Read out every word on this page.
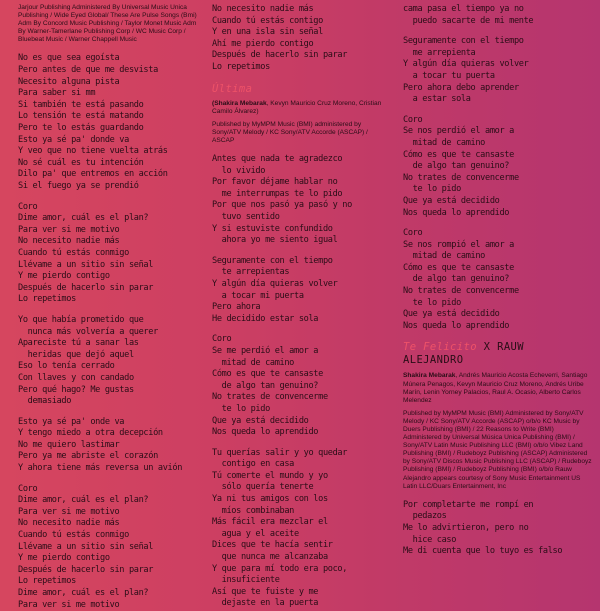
Jarjour Publishing Administered By Universal Music Unica Publishing / Wide Eyed Global/ These Are Pulse Songs (Bmi) Adm By Concord Music Publishing / Taylor Monet Music Adm By Warner-Tamerlane Publishing Corp / WC Music Corp / Bluebeat Music / Warner Chappell Music

No es que sea egoísta

Pero antes de que me desvista

Necesito alguna pista

Para saber si mm

Si también te está pasando

Lo tensión te está matando

Pero te lo estás guardando

Esto ya sé pa' donde va

Y veo que no tiene vuelta atrás

No sé cuál es tu intención

Dilo pa' que entremos en acción

Si el fuego ya se prendió

Coro

Dime amor, cuál es el plan?

Para ver si me motivo

No necesito nadie más

Cuando tú estás conmigo

Llévame a un sitio sin señal

Y me pierdo contigo

Después de hacerlo sin parar

Lo repetimos

Yo que había prometido que

nunca más volvería a querer

Apareciste tú a sanar las

heridas que dejó aquel

Eso lo tenía cerrado

Con llaves y con candado

Pero qué hago? Me gustas

demasiado

Esto ya sé pa' onde va

Y tengo miedo a otra decepción

No me quiero lastimar

Pero ya me abriste el corazón

Y ahora tiene más reversa un avión

Coro

Dime amor, cuál es el plan?

Para ver si me motivo

No necesito nadie más

Cuando tú estás conmigo

Llévame a un sitio sin señal

Y me pierdo contigo

Después de hacerlo sin parar

Lo repetimos

Dime amor, cuál es el plan?

Para ver si me motivo

No necesito nadie más

Cuando tú estás contigo

Y en una isla sin señal

Ahí me pierdo contigo

Después de hacerlo sin parar

Lo repetimos

Última

(Shakira Mebarak, Kevyn Mauricio Cruz Moreno, Cristian Camilo Álvarez)

Published by MyMPM Music (BMI) administered by Sony/ATV Melody / KC Sony/ATV Accorde (ASCAP) / ASCAP

Antes que nada te agradezco

lo vivido

Por favor déjame hablar no

me interrumpas te lo pido

Por que nos pasó ya pasó y no

tuvo sentido

Y si estuviste confundido

ahora yo me siento igual

Seguramente con el tiempo

te arrepientas

Y algún día quieras volver

a tocar mi puerta

Pero ahora

He decidido estar sola

Coro

Se me perdió el amor a

mitad de camino

Cómo es que te cansaste

de algo tan genuino?

No trates de convencerme

te lo pido

Que ya está decidido

Nos queda lo aprendido

Tu querías salir y yo quedar

contigo en casa

Tú comerte el mundo y yo

sólo quería tenerte

Ya ni tus amigos con los

míos combinaban

Más fácil era mezclar el

agua y el aceite

Dices que te hacía sentir

que nunca me alcanzaba

Y que para mí todo era poco,

insuficiente

Así que te fuiste y me

dejaste en la puerta

cama pasa el tiempo ya no

puedo sacarte de mi mente

Seguramente con el tiempo

me arrepienta

Y algún día quieras volver

a tocar tu puerta

Pero ahora debo aprender

a estar sola

Coro

Se nos perdió el amor a

mitad de camino

Cómo es que te cansaste

de algo tan genuino?

No trates de convencerme

te lo pido

Que ya está decidido

Nos queda lo aprendido

Coro

Se nos rompió el amor a

mitad de camino

Cómo es que te cansaste

de algo tan genuino?

No trates de convencerme

te lo pido

Que ya está decidido

Nos queda lo aprendido

Te Felicito X RAUW

ALEJANDRO

Shakira Mebarak, Andrés Mauricio Acosta Echeverri, Santiago Múnera Penagos, Kevyn Mauricio Cruz Moreno, Andrés Uribe Marín, Lenin Yorney Palacios, Raul A. Ocasio, Alberto Carlos Melendez

Published by MyMPM Music (BMI) Administered by Sony/ATV Melody / KC Sony/ATV Accorde (ASCAP) o/b/o KC Music by Duers Publishing (BMI) / 22 Reasons to Write (BMI) Administered by Universal Música Unica Publishing (BMI) / Sony/ATV Latin Music Publishing LLC (BMI) o/b/o Vibez Land Publishing (BMI) / Rudeboyz Publishing (ASCAP) Administered by Sony/ATV Discos Music Publishing LLC (ASCAP) / Rudeboyz Publishing (BMI) / Rudeboyz Publishing (BMI) o/b/o Rauw Alejandro appears courtesy of Sony Music Entertainment US Latin LLC/Duars Entertainment, Inc

Por completarte me rompí en

pedazos

Me lo advirtieron, pero no

hice caso

Me di cuenta que lo tuyo es falso
